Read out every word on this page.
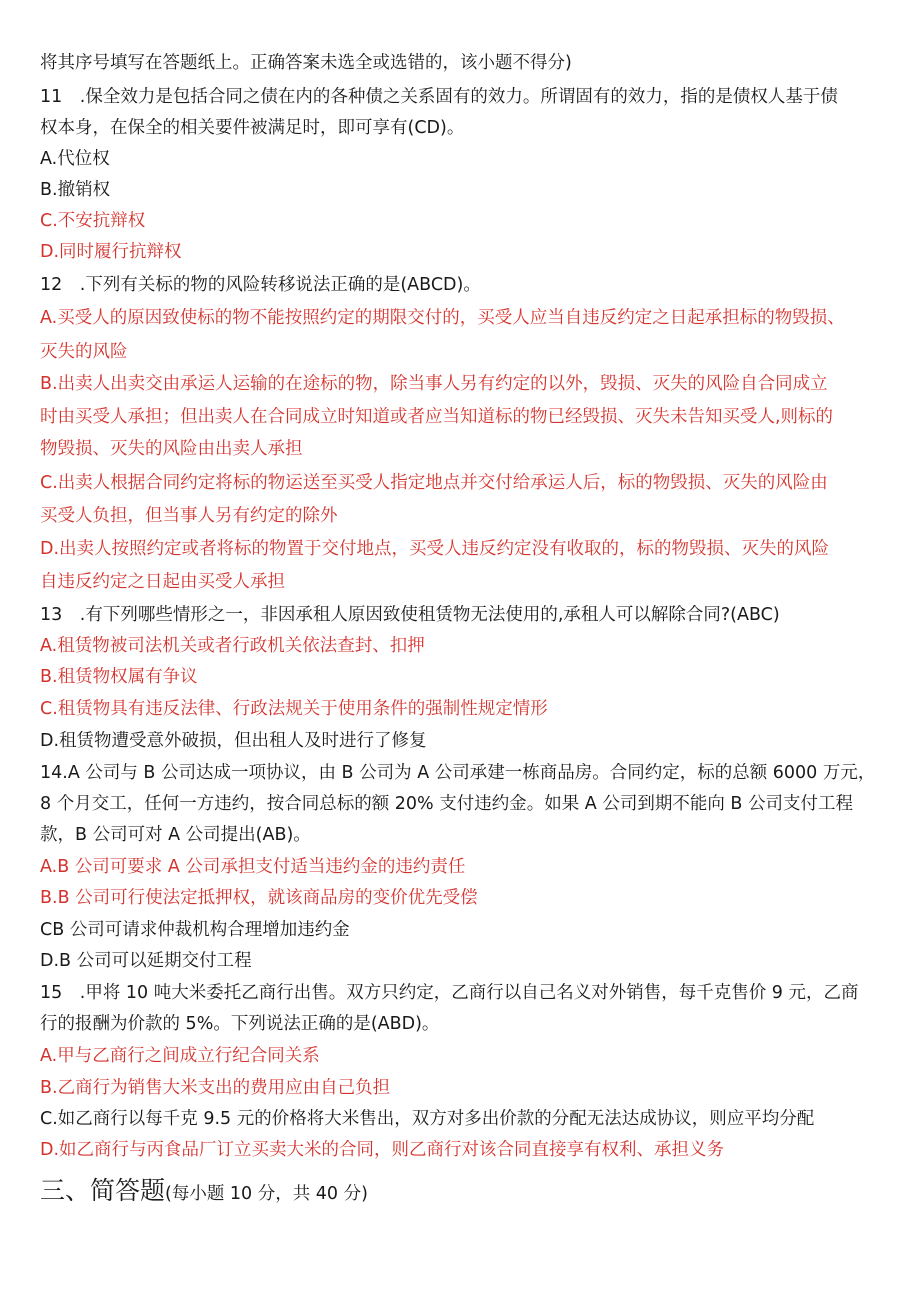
将其序号填写在答题纸上。正确答案未选全或选错的，该小题不得分)
11　.保全效力是包括合同之债在内的各种债之关系固有的效力。所谓固有的效力，指的是债权人基于债
权本身，在保全的相关要件被满足时，即可享有(CD)。
A.代位权
B.撤销权
C.不安抗辩权
D.同时履行抗辩权
12　.下列有关标的物的风险转移说法正确的是(ABCD)。
A.买受人的原因致使标的物不能按照约定的期限交付的，买受人应当自违反约定之日起承担标的物毁损、
灭失的风险
B.出卖人出卖交由承运人运输的在途标的物，除当事人另有约定的以外，毁损、灭失的风险自合同成立
时由买受人承担；但出卖人在合同成立时知道或者应当知道标的物已经毁损、灭失未告知买受人,则标的
物毁损、灭失的风险由出卖人承担
C.出卖人根据合同约定将标的物运送至买受人指定地点并交付给承运人后，标的物毁损、灭失的风险由
买受人负担，但当事人另有约定的除外
D.出卖人按照约定或者将标的物置于交付地点，买受人违反约定没有收取的，标的物毁损、灭失的风险
自违反约定之日起由买受人承担
13　.有下列哪些情形之一，非因承租人原因致使租赁物无法使用的,承租人可以解除合同?(ABC)
A.租赁物被司法机关或者行政机关依法查封、扣押
B.租赁物权属有争议
C.租赁物具有违反法律、行政法规关于使用条件的强制性规定情形
D.租赁物遭受意外破损，但出租人及时进行了修复
14.A 公司与 B 公司达成一项协议，由 B 公司为 A 公司承建一栋商品房。合同约定，标的总额 6000 万元，
8 个月交工，任何一方违约，按合同总标的额 20% 支付违约金。如果 A 公司到期不能向 B 公司支付工程
款，B 公司可对 A 公司提出(AB)。
A.B 公司可要求 A 公司承担支付适当违约金的违约责任
B.B 公司可行使法定抵押权，就该商品房的变价优先受偿
CB 公司可请求仲裁机构合理增加违约金
D.B 公司可以延期交付工程
15　.甲将 10 吨大米委托乙商行出售。双方只约定，乙商行以自己名义对外销售，每千克售价 9 元，乙商
行的报酬为价款的 5%。下列说法正确的是(ABD)。
A.甲与乙商行之间成立行纪合同关系
B.乙商行为销售大米支出的费用应由自己负担
C.如乙商行以每千克 9.5 元的价格将大米售出，双方对多出价款的分配无法达成协议，则应平均分配
D.如乙商行与丙食品厂订立买卖大米的合同，则乙商行对该合同直接享有权利、承担义务
三、简答题(每小题 10 分，共 40 分)
